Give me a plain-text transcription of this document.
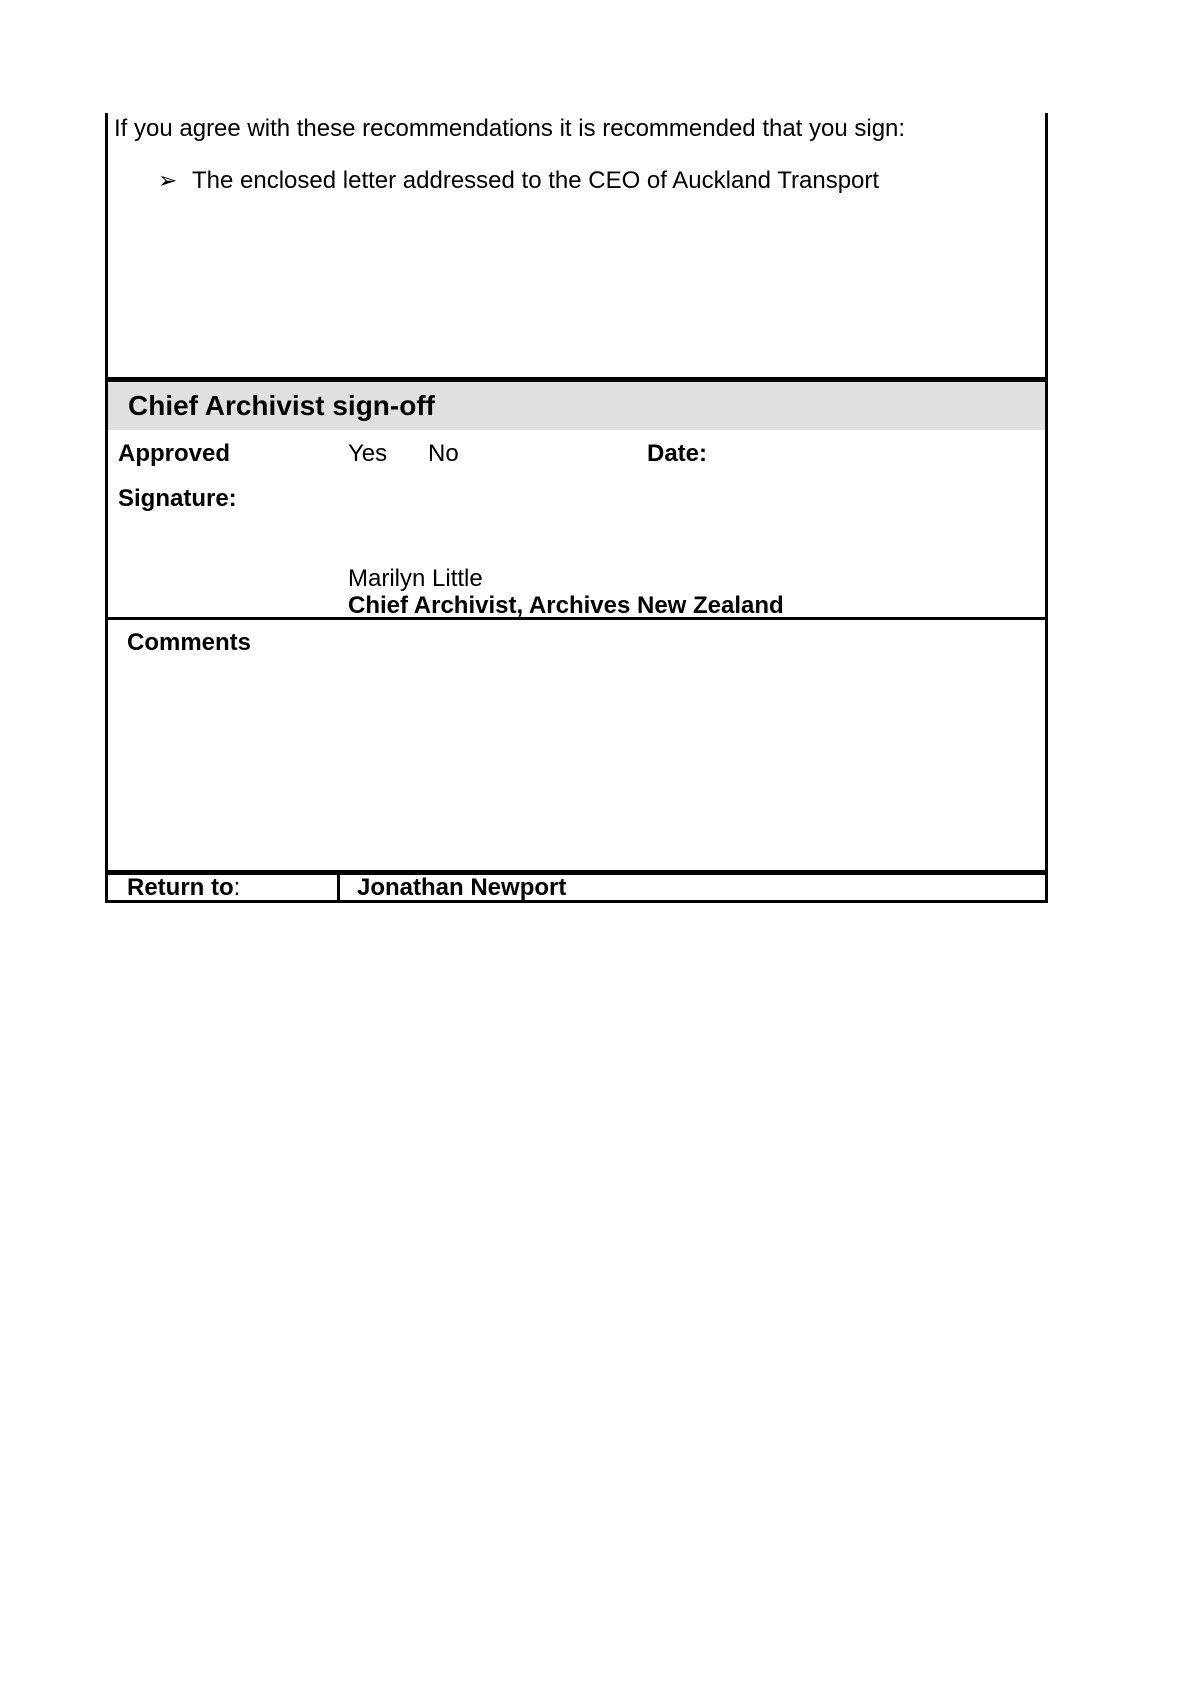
If you agree with these recommendations it is recommended that you sign:
➢ The enclosed letter addressed to the CEO of Auckland Transport
Chief Archivist sign-off
Approved	Yes No	Date:
Signature:
Marilyn Little
Chief Archivist, Archives New Zealand
Comments
Return to:	Jonathan Newport
